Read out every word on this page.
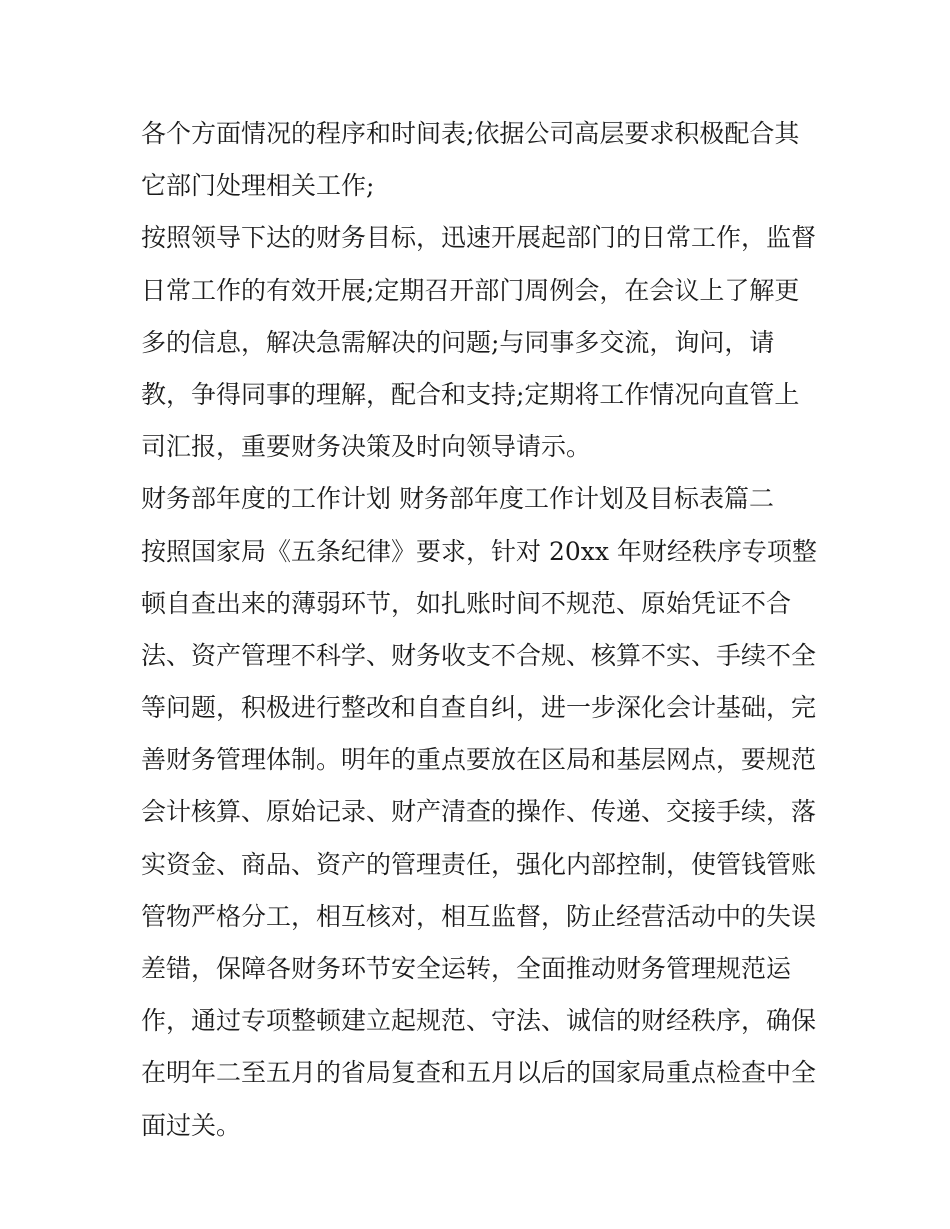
各个方面情况的程序和时间表;依据公司高层要求积极配合其
它部门处理相关工作;
按照领导下达的财务目标，迅速开展起部门的日常工作，监督
日常工作的有效开展;定期召开部门周例会，在会议上了解更
多的信息，解决急需解决的问题;与同事多交流，询问，请
教，争得同事的理解，配合和支持;定期将工作情况向直管上
司汇报，重要财务决策及时向领导请示。
财务部年度的工作计划 财务部年度工作计划及目标表篇二
按照国家局《五条纪律》要求，针对 20xx 年财经秩序专项整
顿自查出来的薄弱环节，如扎账时间不规范、原始凭证不合
法、资产管理不科学、财务收支不合规、核算不实、手续不全
等问题，积极进行整改和自查自纠，进一步深化会计基础，完
善财务管理体制。明年的重点要放在区局和基层网点，要规范
会计核算、原始记录、财产清查的操作、传递、交接手续，落
实资金、商品、资产的管理责任，强化内部控制，使管钱管账
管物严格分工，相互核对，相互监督，防止经营活动中的失误
差错，保障各财务环节安全运转，全面推动财务管理规范运
作，通过专项整顿建立起规范、守法、诚信的财经秩序，确保
在明年二至五月的省局复查和五月以后的国家局重点检查中全
面过关。
